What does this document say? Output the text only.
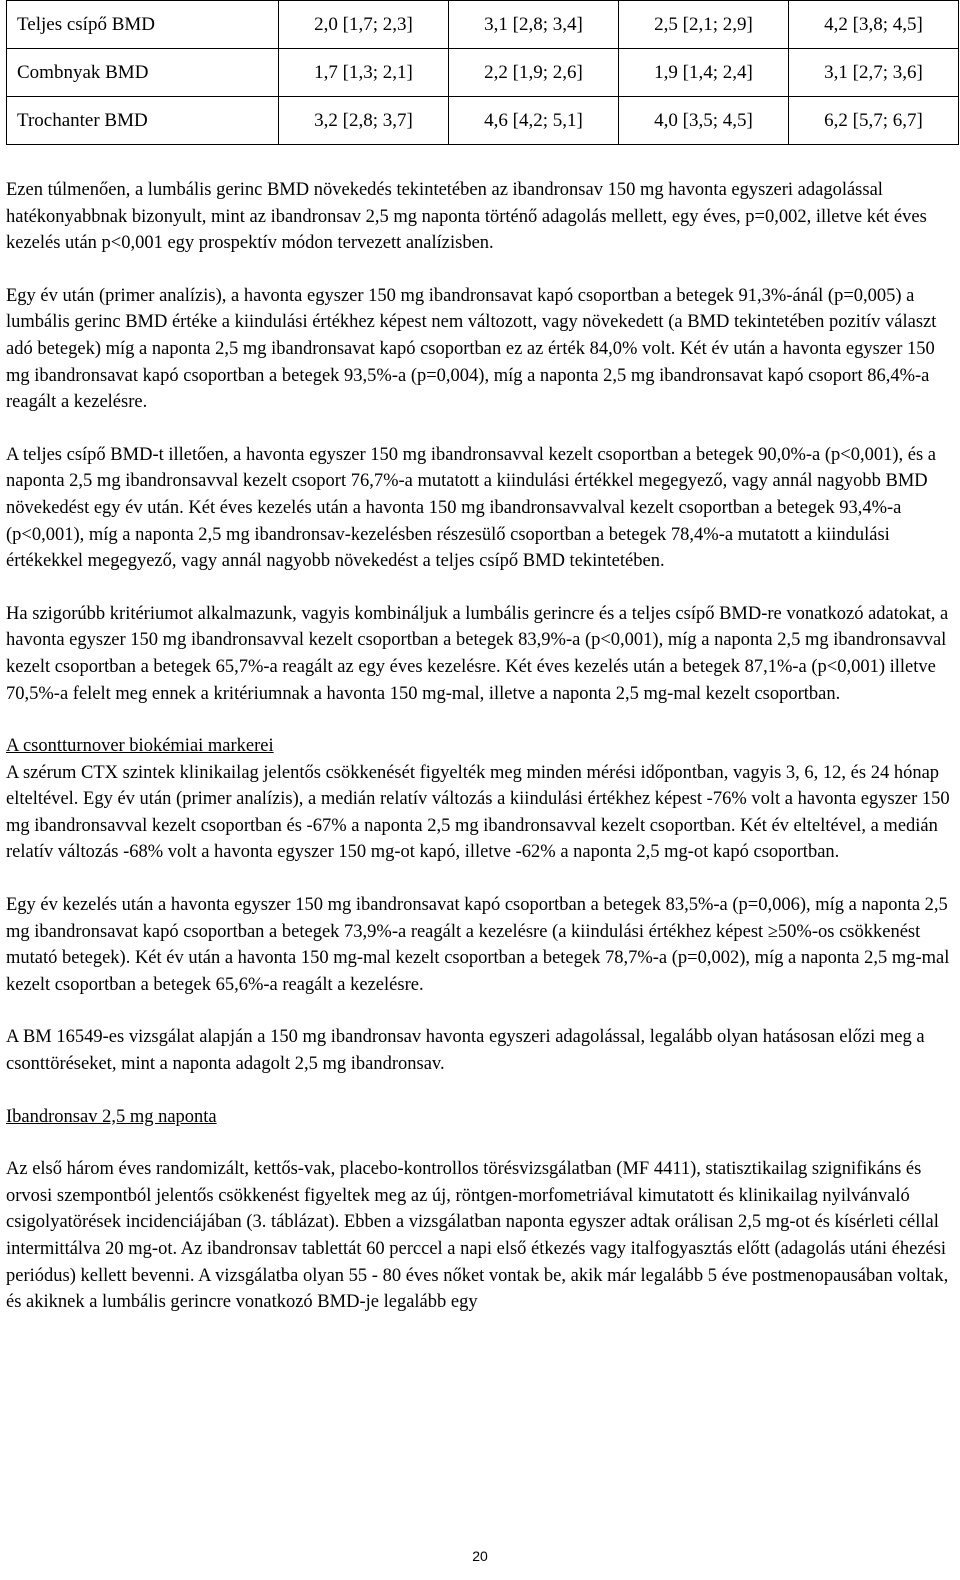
Teljes csípő BMD	2,0 [1,7; 2,3]	3,1 [2,8; 3,4]	2,5 [2,1; 2,9]	4,2 [3,8; 4,5]
Combnyak BMD	1,7 [1,3; 2,1]	2,2 [1,9; 2,6]	1,9 [1,4; 2,4]	3,1 [2,7; 3,6]
Trochanter BMD	3,2 [2,8; 3,7]	4,6 [4,2; 5,1]	4,0 [3,5; 4,5]	6,2 [5,7; 6,7]

Ezen túlmenően, a lumbális gerinc BMD növekedés tekintetében az ibandronsav 150 mg havonta egyszeri adagolással hatékonyabbnak bizonyult, mint az ibandronsav 2,5 mg naponta történő adagolás mellett, egy éves, p=0,002, illetve két éves kezelés után p<0,001 egy prospektív módon tervezett analízisben.

Egy év után (primer analízis), a havonta egyszer 150 mg ibandronsavat kapó csoportban a betegek 91,3%-ánál (p=0,005) a lumbális gerinc BMD értéke a kiindulási értékhez képest nem változott, vagy növekedett (a BMD tekintetében pozitív választ adó betegek) míg a naponta 2,5 mg ibandronsavat kapó csoportban ez az érték 84,0% volt. Két év után a havonta egyszer 150 mg ibandronsavat kapó csoportban a betegek 93,5%-a (p=0,004), míg a naponta 2,5 mg ibandronsavat kapó csoport 86,4%-a reagált a kezelésre.

A teljes csípő BMD-t illetően, a havonta egyszer 150 mg ibandronsavval kezelt csoportban a betegek 90,0%-a (p<0,001), és a naponta 2,5 mg ibandronsavval kezelt csoport 76,7%-a mutatott a kiindulási értékkel megegyező, vagy annál nagyobb BMD növekedést egy év után. Két éves kezelés után a havonta 150 mg ibandronsavvalval kezelt csoportban a betegek 93,4%-a (p<0,001), míg a naponta 2,5 mg ibandronsav-kezelésben részesülő csoportban a betegek 78,4%-a mutatott a kiindulási értékekkel megegyező, vagy annál nagyobb növekedést a teljes csípő BMD tekintetében.

Ha szigorúbb kritériumot alkalmazunk, vagyis kombináljuk a lumbális gerincre és a teljes csípő BMD-re vonatkozó adatokat, a havonta egyszer 150 mg ibandronsavval kezelt csoportban a betegek 83,9%-a (p<0,001), míg a naponta 2,5 mg ibandronsavval kezelt csoportban a betegek 65,7%-a reagált az egy éves kezelésre. Két éves kezelés után a betegek 87,1%-a (p<0,001) illetve 70,5%-a felelt meg ennek a kritériumnak a havonta 150 mg-mal, illetve a naponta 2,5 mg-mal kezelt csoportban.

A csontturnover biokémiai markerei

A szérum CTX szintek klinikailag jelentős csökkenését figyelték meg minden mérési időpontban, vagyis 3, 6, 12, és 24 hónap elteltével. Egy év után (primer analízis), a medián relatív változás a kiindulási értékhez képest -76% volt a havonta egyszer 150 mg ibandronsavval kezelt csoportban és -67% a naponta 2,5 mg ibandronsavval kezelt csoportban. Két év elteltével, a medián relatív változás -68% volt a havonta egyszer 150 mg-ot kapó, illetve -62% a naponta 2,5 mg-ot kapó csoportban.

Egy év kezelés után a havonta egyszer 150 mg ibandronsavat kapó csoportban a betegek 83,5%-a (p=0,006), míg a naponta 2,5 mg ibandronsavat kapó csoportban a betegek 73,9%-a reagált a kezelésre (a kiindulási értékhez képest ≥50%-os csökkenést mutató betegek). Két év után a havonta 150 mg-mal kezelt csoportban a betegek 78,7%-a (p=0,002), míg a naponta 2,5 mg-mal kezelt csoportban a betegek 65,6%-a reagált a kezelésre.

A BM 16549-es vizsgálat alapján a 150 mg ibandronsav havonta egyszeri adagolással, legalább olyan hatásosan előzi meg a csonttöréseket, mint a naponta adagolt 2,5 mg ibandronsav.

Ibandronsav 2,5 mg naponta

Az első három éves randomizált, kettős-vak, placebo-kontrollos törésvizsgálatban (MF 4411), statisztikailag szignifikáns és orvosi szempontból jelentős csökkenést figyeltek meg az új, röntgen-morfometriával kimutatott és klinikailag nyilvánvaló csigolyatörések incidenciájában (3. táblázat). Ebben a vizsgálatban naponta egyszer adtak orálisan 2,5 mg-ot és kísérleti céllal intermittálva 20 mg-ot. Az ibandronsav tablettát 60 perccel a napi első étkezés vagy italfogyasztás előtt (adagolás utáni éhezési periódus) kellett bevenni. A vizsgálatba olyan 55 - 80 éves nőket vontak be, akik már legalább 5 éve postmenopausában voltak, és akiknek a lumbális gerincre vonatkozó BMD-je legalább egy

20
